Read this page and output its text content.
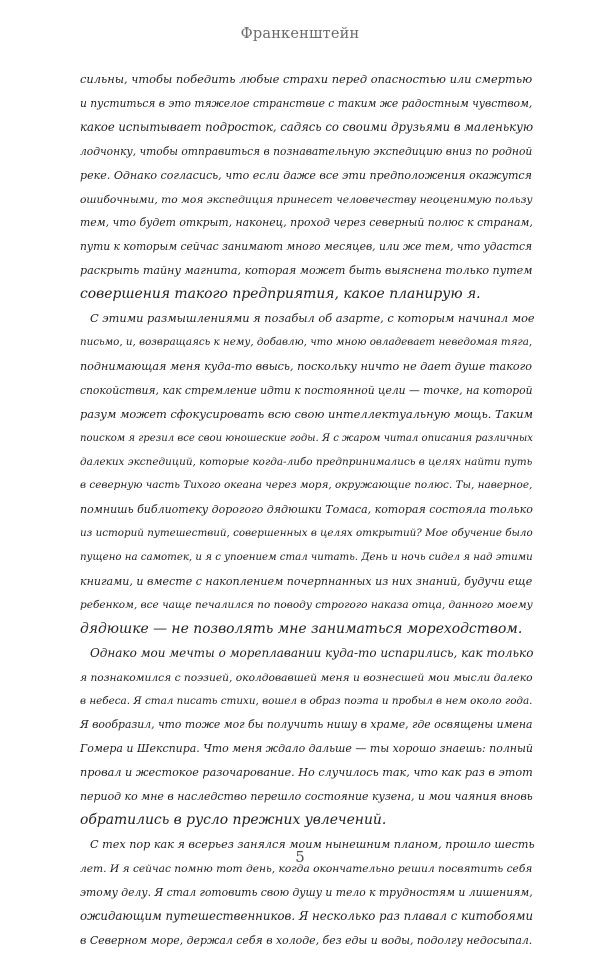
Франкенштейн
сильны, чтобы победить любые страхи перед опасностью или смертью
и пуститься в это тяжелое странствие с таким же радостным чувством,
какое испытывает подросток, садясь со своими друзьями в маленькую
лодчонку, чтобы отправиться в познавательную экспедицию вниз по родной
реке. Однако согласись, что если даже все эти предположения окажутся
ошибочными, то моя экспедиция принесет человечеству неоценимую пользу
тем, что будет открыт, наконец, проход через северный полюс к странам,
пути к которым сейчас занимают много месяцев, или же тем, что удастся
раскрыть тайну магнита, которая может быть выяснена только путем
совершения такого предприятия, какое планирую я.
С этими размышлениями я позабыл об азарте, с которым начинал мое
письмо, и, возвращаясь к нему, добавлю, что мною овладевает неведомая тяга,
поднимающая меня куда-то ввысь, поскольку ничто не дает душе такого
спокойствия, как стремление идти к постоянной цели — точке, на которой
разум может сфокусировать всю свою интеллектуальную мощь. Таким
поиском я грезил все свои юношеские годы. Я с жаром читал описания различных
далеких экспедиций, которые когда-либо предпринимались в целях найти путь
в северную часть Тихого океана через моря, окружающие полюс. Ты, наверное,
помнишь библиотеку дорогого дядюшки Томаса, которая состояла только
из историй путешествий, совершенных в целях открытий? Мое обучение было
пущено на самотек, и я с упоением стал читать. День и ночь сидел я над этими
книгами, и вместе с накоплением почерпнанных из них знаний, будучи еще
ребенком, все чаще печалился по поводу строгого наказа отца, данного моему
дядюшке — не позволять мне заниматься мореходством.
Однако мои мечты о мореплавании куда-то испарились, как только
я познакомился с поэзией, околдовавшей меня и вознесшей мои мысли далеко
в небеса. Я стал писать стихи, вошел в образ поэта и пробыл в нем около года.
Я вообразил, что тоже мог бы получить нишу в храме, где освящены имена
Гомера и Шекспира. Что меня ждало дальше — ты хорошо знаешь: полный
провал и жестокое разочарование. Но случилось так, что как раз в этот
период ко мне в наследство перешло состояние кузена, и мои чаяния вновь
обратились в русло прежних увлечений.
С тех пор как я всерьез занялся моим нынешним планом, прошло шесть
лет. И я сейчас помню тот день, когда окончательно решил посвятить себя
этому делу. Я стал готовить свою душу и тело к трудностям и лишениям,
ожидающим путешественников. Я несколько раз плавал с китобоями
в Северном море, держал себя в холоде, без еды и воды, подолгу недосыпал.
5
